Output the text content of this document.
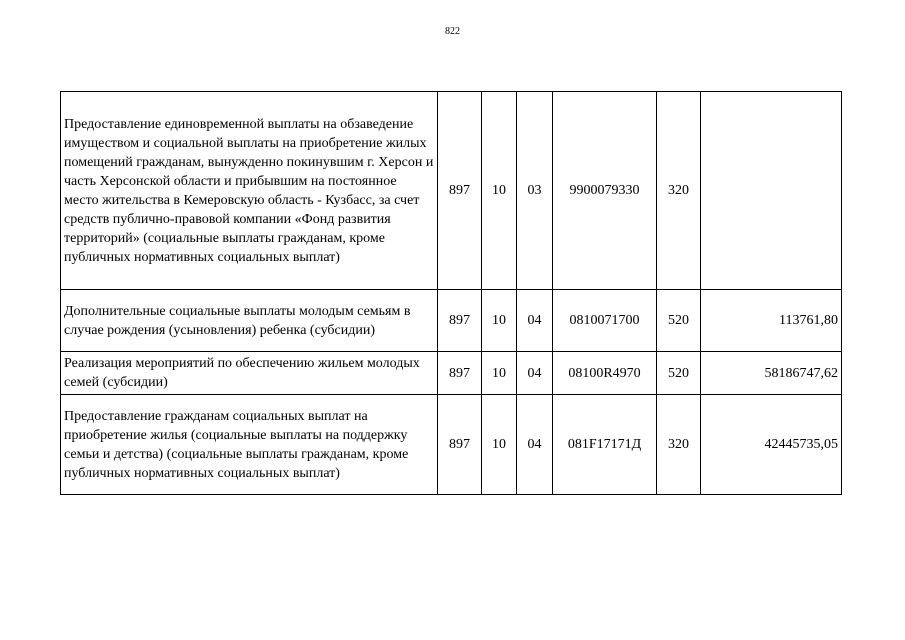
822
Предоставление единовременной выплаты на обзаведение имуществом и социальной выплаты на приобретение жилых помещений гражданам, вынужденно покинувшим г. Херсон и часть Херсонской области и прибывшим на постоянное место жительства в Кемеровскую область - Кузбасс, за счет средств публично-правовой компании «Фонд развития территорий» (социальные выплаты гражданам, кроме публичных нормативных социальных выплат)	897	10	03	9900079330	320	
Дополнительные социальные выплаты молодым семьям в случае рождения (усыновления) ребенка (субсидии)	897	10	04	0810071700	520	113761,80
Реализация мероприятий по обеспечению жильем молодых семей (субсидии)	897	10	04	08100R4970	520	58186747,62
Предоставление гражданам социальных выплат на приобретение жилья (социальные выплаты на поддержку семьи и детства) (социальные выплаты гражданам, кроме публичных нормативных социальных выплат)	897	10	04	081F17171Д	320	42445735,05
